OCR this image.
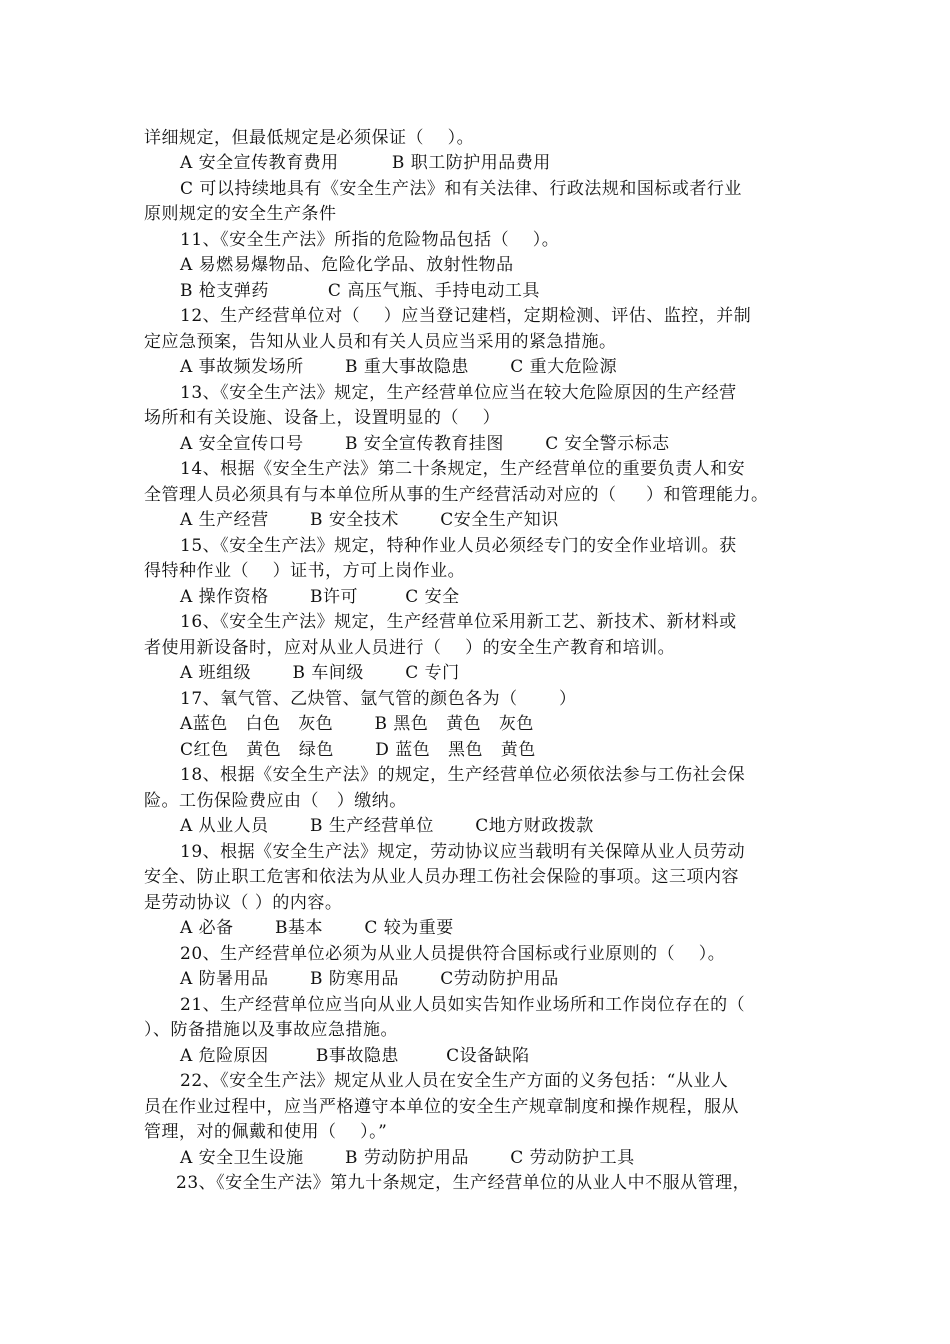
详细规定，但最低规定是必须保证（    ）。
A 安全宣传教育费用         B 职工防护用品费用
C 可以持续地具有《安全生产法》和有关法律、行政法规和国标或者行业
原则规定的安全生产条件
11、《安全生产法》所指的危险物品包括（    ）。
A 易燃易爆物品、危险化学品、放射性物品
B 枪支弹药          C 高压气瓶、手持电动工具
12、生产经营单位对（    ）应当登记建档，定期检测、评估、监控，并制
定应急预案，告知从业人员和有关人员应当采用的紧急措施。
A 事故频发场所       B 重大事故隐患       C 重大危险源
13、《安全生产法》规定，生产经营单位应当在较大危险原因的生产经营
场所和有关设施、设备上，设置明显的（    ）
A 安全宣传口号       B 安全宣传教育挂图       C 安全警示标志
14、根据《安全生产法》第二十条规定，生产经营单位的重要负责人和安
全管理人员必须具有与本单位所从事的生产经营活动对应的（     ）和管理能力。
A 生产经营       B 安全技术       C安全生产知识
15、《安全生产法》规定，特种作业人员必须经专门的安全作业培训。获
得特种作业（    ）证书，方可上岗作业。
A 操作资格       B许可        C 安全
16、《安全生产法》规定，生产经营单位采用新工艺、新技术、新材料或
者使用新设备时，应对从业人员进行（    ）的安全生产教育和培训。
A 班组级       B 车间级       C 专门
17、氧气管、乙炔管、氩气管的颜色各为（       ）
A蓝色   白色   灰色       B 黑色   黄色   灰色
C红色   黄色   绿色       D 蓝色   黑色   黄色
18、根据《安全生产法》的规定，生产经营单位必须依法参与工伤社会保
险。工伤保险费应由（   ）缴纳。
A 从业人员       B 生产经营单位       C地方财政拨款
19、根据《安全生产法》规定，劳动协议应当载明有关保障从业人员劳动
安全、防止职工危害和依法为从业人员办理工伤社会保险的事项。这三项内容
是劳动协议（ ）的内容。
A 必备       B基本       C 较为重要
20、生产经营单位必须为从业人员提供符合国标或行业原则的（    ）。
A 防暑用品       B 防寒用品       C劳动防护用品
21、生产经营单位应当向从业人员如实告知作业场所和工作岗位存在的（
）、防备措施以及事故应急措施。
A 危险原因        B事故隐患        C设备缺陷
22、《安全生产法》规定从业人员在安全生产方面的义务包括：“从业人
员在作业过程中，应当严格遵守本单位的安全生产规章制度和操作规程，服从
管理，对的佩戴和使用（    ）。”
A 安全卫生设施       B 劳动防护用品       C 劳动防护工具
23、《安全生产法》第九十条规定，生产经营单位的从业人中不服从管理，
